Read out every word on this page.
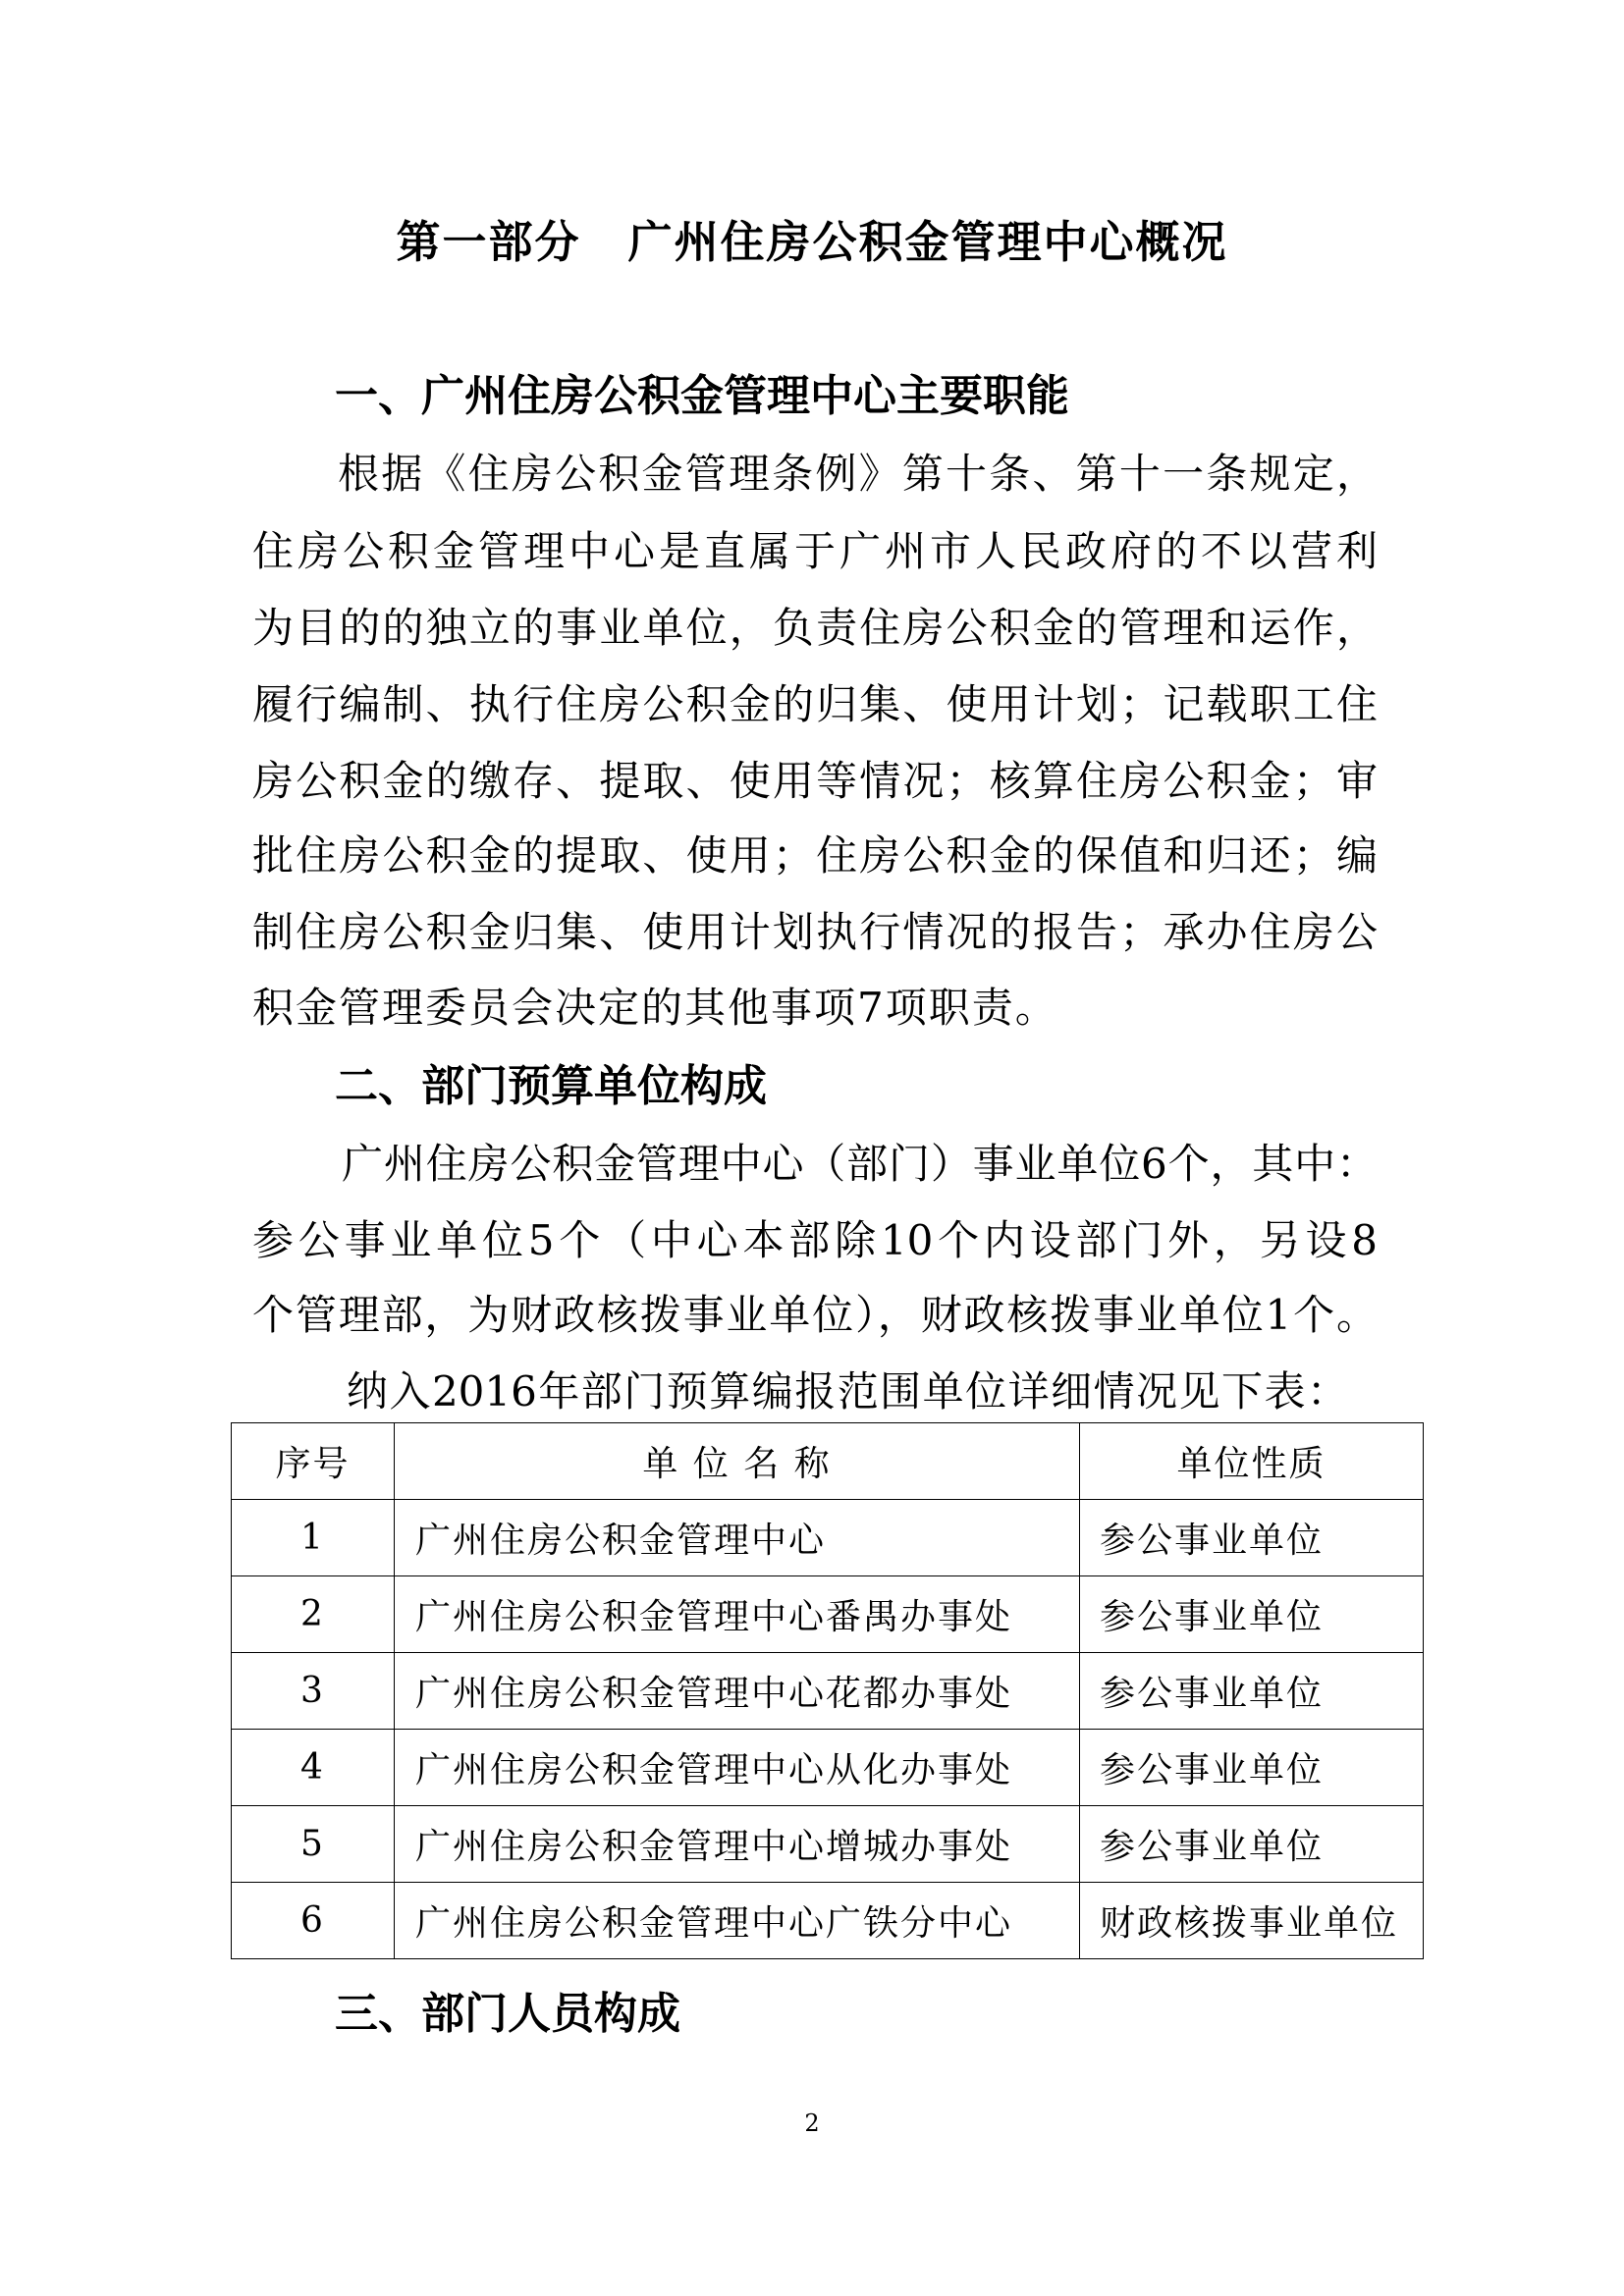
第一部分 广州住房公积金管理中心概况
一、广州住房公积金管理中心主要职能
根据《住房公积金管理条例》第十条、第十一条规定，
住房公积金管理中心是直属于广州市人民政府的不以营利
为目的的独立的事业单位，负责住房公积金的管理和运作，
履行编制、执行住房公积金的归集、使用计划；记载职工住
房公积金的缴存、提取、使用等情况；核算住房公积金；审
批住房公积金的提取、使用；住房公积金的保值和归还；编
制住房公积金归集、使用计划执行情况的报告；承办住房公
积金管理委员会决定的其他事项7项职责。
二、部门预算单位构成
广州住房公积金管理中心（部门）事业单位6个，其中：
参公事业单位5个（中心本部除10个内设部门外，另设8
个管理部，为财政核拨事业单位），财政核拨事业单位1个。
纳入2016年部门预算编报范围单位详细情况见下表：
序号	单 位 名 称	单位性质
1	广州住房公积金管理中心	参公事业单位
2	广州住房公积金管理中心番禺办事处	参公事业单位
3	广州住房公积金管理中心花都办事处	参公事业单位
4	广州住房公积金管理中心从化办事处	参公事业单位
5	广州住房公积金管理中心增城办事处	参公事业单位
6	广州住房公积金管理中心广铁分中心	财政核拨事业单位
三、部门人员构成
2
